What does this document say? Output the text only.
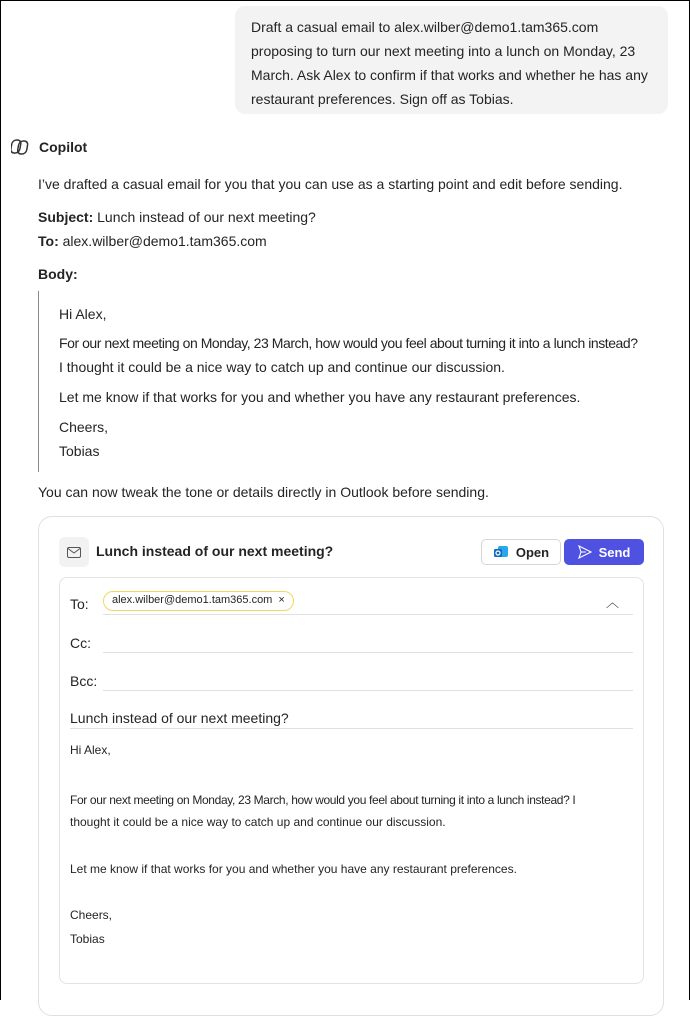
Draft a casual email to alex.wilber@demo1.tam365.com proposing to turn our next meeting into a lunch on Monday, 23 March. Ask Alex to confirm if that works and whether he has any restaurant preferences. Sign off as Tobias.
Copilot
I’ve drafted a casual email for you that you can use as a starting point and edit before sending.
Subject: Lunch instead of our next meeting?
To: alex.wilber@demo1.tam365.com
Body:
Hi Alex,
For our next meeting on Monday, 23 March, how would you feel about turning it into a lunch instead?
I thought it could be a nice way to catch up and continue our discussion.
Let me know if that works for you and whether you have any restaurant preferences.
Cheers,
Tobias
You can now tweak the tone or details directly in Outlook before sending.
Lunch instead of our next meeting?	Open	Send
To: alex.wilber@demo1.tam365.com ×	︿
Cc:
Bcc:
Lunch instead of our next meeting?
Hi Alex,
For our next meeting on Monday, 23 March, how would you feel about turning it into a lunch instead? I
thought it could be a nice way to catch up and continue our discussion.
Let me know if that works for you and whether you have any restaurant preferences.
Cheers,
Tobias
